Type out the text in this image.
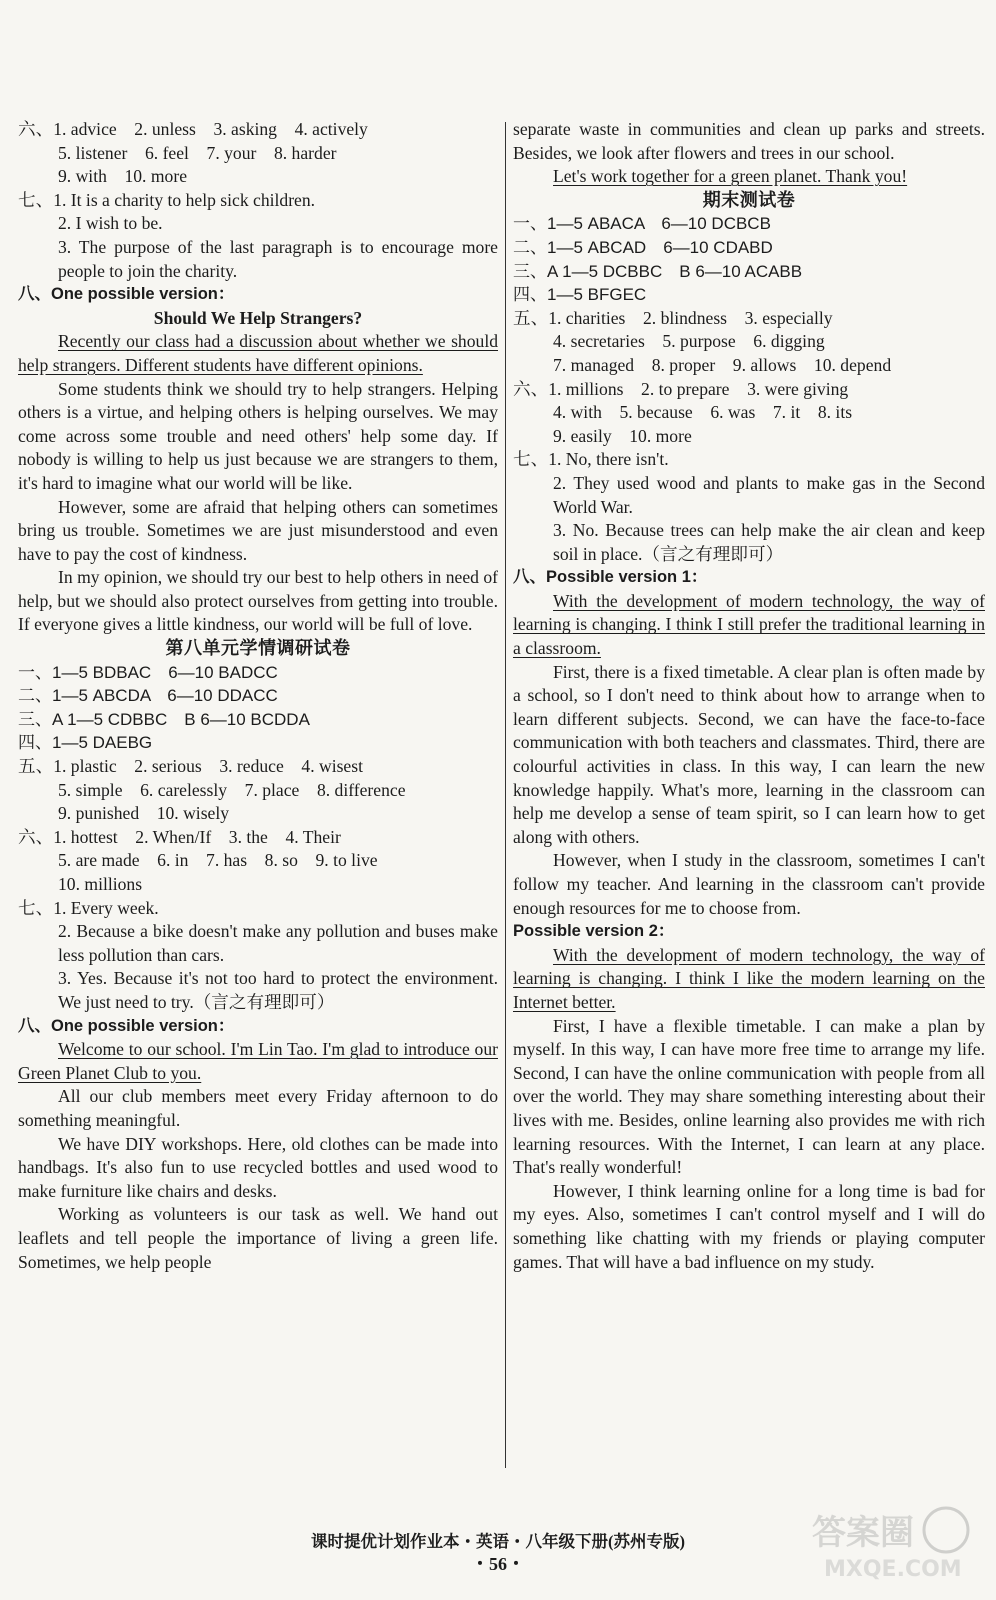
六、1. advice　2. unless　3. asking　4. actively

5. listener　6. feel　7. your　8. harder

9. with　10. more

七、1. It is a charity to help sick children.

2. I wish to be.

3. The purpose of the last paragraph is to encourage more people to join the charity.

八、One possible version：

Should We Help Strangers?

Recently our class had a discussion about whether we should help strangers. Different students have different opinions.

Some students think we should try to help strangers. Helping others is a virtue, and helping others is helping ourselves. We may come across some trouble and need others' help some day. If nobody is willing to help us just because we are strangers to them, it's hard to imagine what our world will be like.

However, some are afraid that helping others can sometimes bring us trouble. Sometimes we are just misunderstood and even have to pay the cost of kindness.

In my opinion, we should try our best to help others in need of help, but we should also protect ourselves from getting into trouble. If everyone gives a little kindness, our world will be full of love.

第八单元学情调研试卷

一、1—5 BDBAC　6—10 BADCC

二、1—5 ABCDA　6—10 DDACC

三、A 1—5 CDBBC　B 6—10 BCDDA

四、1—5 DAEBG

五、1. plastic　2. serious　3. reduce　4. wisest

5. simple　6. carelessly　7. place　8. difference

9. punished　10. wisely

六、1. hottest　2. When/If　3. the　4. Their

5. are made　6. in　7. has　8. so　9. to live

10. millions

七、1. Every week.

2. Because a bike doesn't make any pollution and buses make less pollution than cars.

3. Yes. Because it's not too hard to protect the environment. We just need to try.（言之有理即可）

八、One possible version：

Welcome to our school. I'm Lin Tao. I'm glad to introduce our Green Planet Club to you.

All our club members meet every Friday afternoon to do something meaningful.

We have DIY workshops. Here, old clothes can be made into handbags. It's also fun to use recycled bottles and used wood to make furniture like chairs and desks.

Working as volunteers is our task as well. We hand out leaflets and tell people the importance of living a green life. Sometimes, we help people

separate waste in communities and clean up parks and streets. Besides, we look after flowers and trees in our school.

Let's work together for a green planet. Thank you!

期末测试卷

一、1—5 ABACA　6—10 DCBCB

二、1—5 ABCAD　6—10 CDABD

三、A 1—5 DCBBC　B 6—10 ACABB

四、1—5 BFGEC

五、1. charities　2. blindness　3. especially

4. secretaries　5. purpose　6. digging

7. managed　8. proper　9. allows　10. depend

六、1. millions　2. to prepare　3. were giving

4. with　5. because　6. was　7. it　8. its

9. easily　10. more

七、1. No, there isn't.

2. They used wood and plants to make gas in the Second World War.

3. No. Because trees can help make the air clean and keep soil in place.（言之有理即可）

八、Possible version 1：

With the development of modern technology, the way of learning is changing. I think I still prefer the traditional learning in a classroom.

First, there is a fixed timetable. A clear plan is often made by a school, so I don't need to think about how to arrange when to learn different subjects. Second, we can have the face-to-face communication with both teachers and classmates. Third, there are colourful activities in class. In this way, I can learn the new knowledge happily. What's more, learning in the classroom can help me develop a sense of team spirit, so I can learn how to get along with others.

However, when I study in the classroom, sometimes I can't follow my teacher. And learning in the classroom can't provide enough resources for me to choose from.

Possible version 2：

With the development of modern technology, the way of learning is changing. I think I like the modern learning on the Internet better.

First, I have a flexible timetable. I can make a plan by myself. In this way, I can have more free time to arrange my life. Second, I can have the online communication with people from all over the world. They may share something interesting about their lives with me. Besides, online learning also provides me with rich learning resources. With the Internet, I can learn at any place. That's really wonderful!

However, I think learning online for a long time is bad for my eyes. Also, sometimes I can't control myself and I will do something like chatting with my friends or playing computer games. That will have a bad influence on my study.

课时提优计划作业本・英语・八年级下册(苏州专版)
・56・
答案圈
MXQE.COM
